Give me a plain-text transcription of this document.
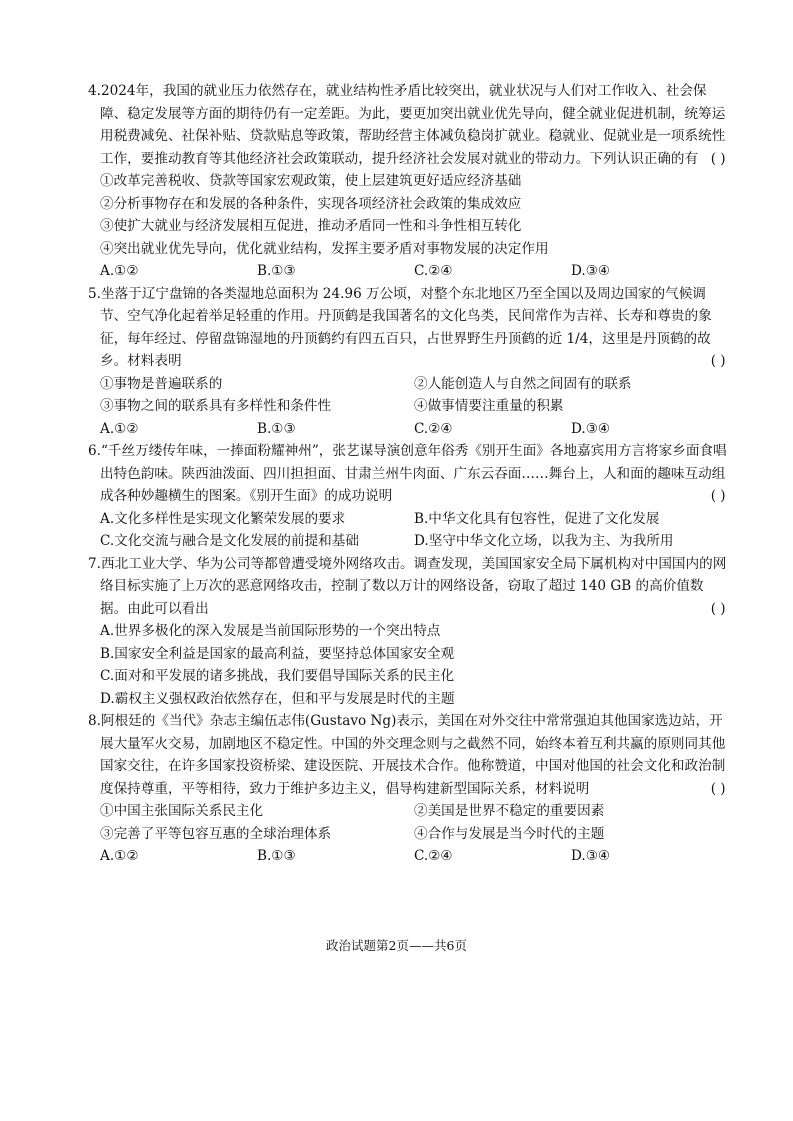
4.2024年，我国的就业压力依然存在，就业结构性矛盾比较突出，就业状况与人们对工作收入、社会保障、稳定发展等方面的期待仍有一定差距。为此，要更加突出就业优先导向，健全就业促进机制，统筹运用税费减免、社保补贴、贷款贴息等政策，帮助经营主体减负稳岗扩就业。稳就业、促就业是一项系统性工作，要推动教育等其他经济社会政策联动，提升经济社会发展对就业的带动力。下列认识正确的有 ( )

①改革完善税收、贷款等国家宏观政策，使上层建筑更好适应经济基础

②分析事物存在和发展的各种条件，实现各项经济社会政策的集成效应

③使扩大就业与经济发展相互促进，推动矛盾同一性和斗争性相互转化

④突出就业优先导向，优化就业结构，发挥主要矛盾对事物发展的决定作用

A.①②	B.①③	C.②④	D.③④

5.坐落于辽宁盘锦的各类湿地总面积为 24.96 万公顷，对整个东北地区乃至全国以及周边国家的气候调节、空气净化起着举足轻重的作用。丹顶鹤是我国著名的文化鸟类，民间常作为吉祥、长寿和尊贵的象征，每年经过、停留盘锦湿地的丹顶鹤约有四五百只，占世界野生丹顶鹤的近 1/4，这里是丹顶鹤的故乡。材料表明	( )

①事物是普遍联系的	②人能创造人与自然之间固有的联系
③事物之间的联系具有多样性和条件性	④做事情要注重量的积累
A.①②	B.①③	C.②④	D.③④

6.“千丝万缕传年味，一捧面粉耀神州”，张艺谋导演创意年俗秀《别开生面》各地嘉宾用方言将家乡面食唱出特色韵味。陕西油泼面、四川担担面、甘肃兰州牛肉面、广东云吞面……舞台上，人和面的趣味互动组成各种妙趣横生的图案。《别开生面》的成功说明	( )

A.文化多样性是实现文化繁荣发展的要求	B.中华文化具有包容性，促进了文化发展
C.文化交流与融合是文化发展的前提和基础	D.坚守中华文化立场，以我为主、为我所用

7.西北工业大学、华为公司等都曾遭受境外网络攻击。调查发现，美国国家安全局下属机构对中国国内的网络目标实施了上万次的恶意网络攻击，控制了数以万计的网络设备，窃取了超过 140 GB 的高价值数据。由此可以看出	( )

A.世界多极化的深入发展是当前国际形势的一个突出特点

B.国家安全利益是国家的最高利益，要坚持总体国家安全观

C.面对和平发展的诸多挑战，我们要倡导国际关系的民主化

D.霸权主义强权政治依然存在，但和平与发展是时代的主题

8.阿根廷的《当代》杂志主编伍志伟(Gustavo Ng)表示，美国在对外交往中常常强迫其他国家选边站，开展大量军火交易，加剧地区不稳定性。中国的外交理念则与之截然不同，始终本着互利共赢的原则同其他国家交往，在许多国家投资桥梁、建设医院、开展技术合作。他称赞道，中国对他国的社会文化和政治制度保持尊重，平等相待，致力于维护多边主义，倡导构建新型国际关系，材料说明	( )

①中国主张国际关系民主化	②美国是世界不稳定的重要因素
③完善了平等包容互惠的全球治理体系	④合作与发展是当今时代的主题
A.①②	B.①③	C.②④	D.③④
政治试题第2页——共6页
